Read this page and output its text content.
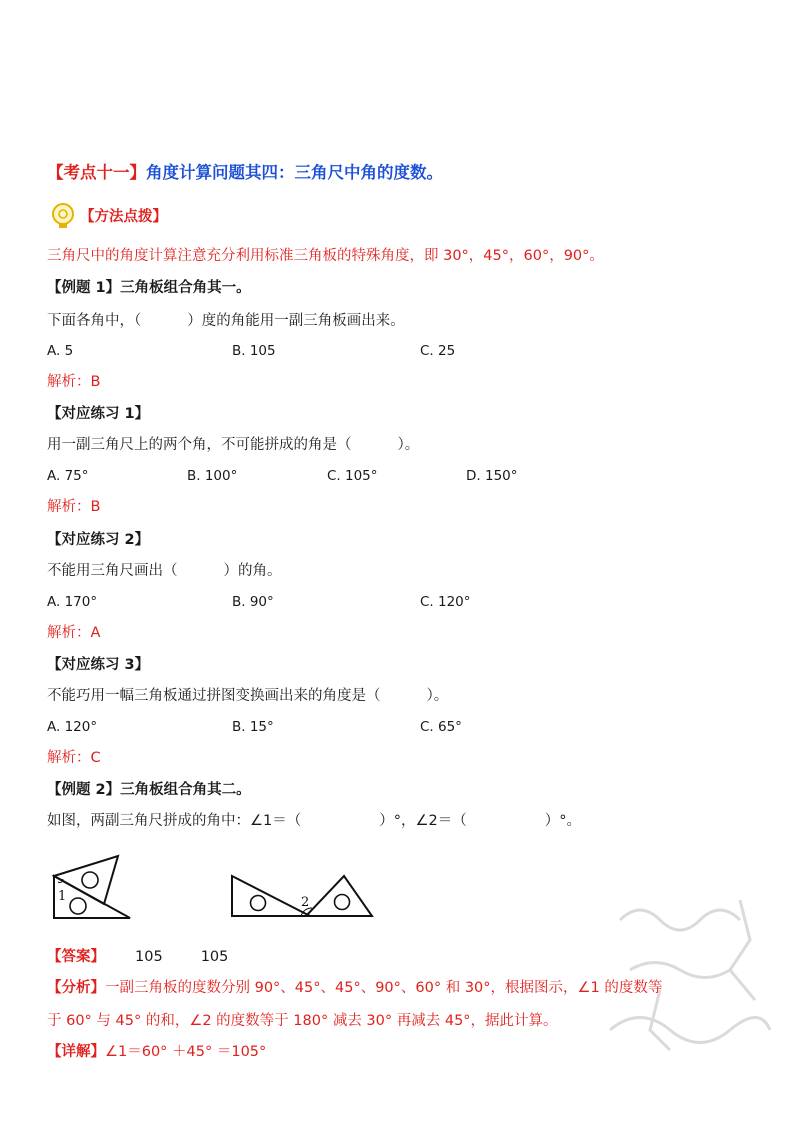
【考点十一】角度计算问题其四：三角尺中角的度数。
【方法点拨】
三角尺中的角度计算注意充分利用标准三角板的特殊角度，即 30°，45°，60°，90°。
【例题 1】三角板组合角其一。
下面各角中，（	）度的角能用一副三角板画出来。
A. 5	B. 105	C. 25
解析：B
【对应练习 1】
用一副三角尺上的两个角，不可能拼成的角是（	）。
A. 75°	B. 100°	C. 105°	D. 150°
解析：B
【对应练习 2】
不能用三角尺画出（	）的角。
A. 170°	B. 90°	C. 120°
解析：A
【对应练习 3】
不能巧用一幅三角板通过拼图变换画出来的角度是（	）。
A. 120°	B. 15°	C. 65°
解析：C
【例题 2】三角板组合角其二。
如图，两副三角尺拼成的角中：∠1＝（	）°，∠2＝（	）°。
1	2
【答案】 105	105
【分析】一副三角板的度数分别 90°、45°、45°、90°、60° 和 30°，根据图示，∠1 的度数等
于 60° 与 45° 的和，∠2 的度数等于 180° 减去 30° 再减去 45°，据此计算。
【详解】∠1＝60° ＋45° ＝105°
